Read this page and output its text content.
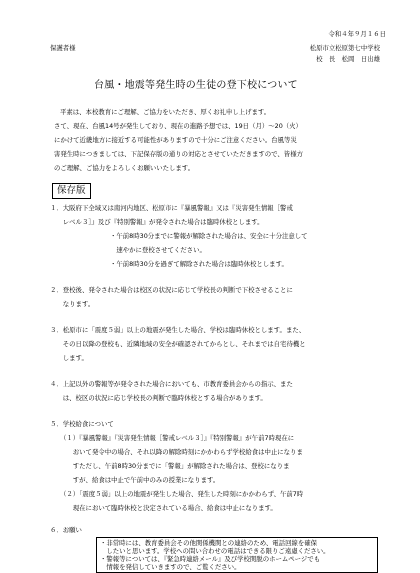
令和４年９月１６日
保護者様	松原市立松原第七中学校
校　長　松岡　日出雄
台風・地震等発生時の生徒の登下校について
平素は、本校教育にご理解、ご協力をいただき、厚くお礼申し上げます。
さて、現在、台風14号が発生しており、現在の進路予想では、19日（月）～20（火）
にかけて近畿地方に接近する可能性がありますので十分にご注意ください。台風等災
害発生時につきましては、下記保存版の通りの対応とさせていただきますので、皆様方
のご理解、ご協力をよろしくお願いいたします。
保存版
１．大阪府下全域又は南河内地区、松原市に『暴風警報』又は『災害発生情報［警戒
　　レベル３］』及び『特別警報』が発令された場合は臨時休校とします。
・午前8時30分までに警報が解除された場合は、安全に十分注意して
　速やかに登校させてください。
・午前8時30分を過ぎて解除された場合は臨時休校とします。
２．登校後、発令された場合は校区の状況に応じて学校長の判断で下校させることに
　　なります。
３．松原市に「震度５弱」以上の地震が発生した場合、学校は臨時休校とします。また、
　　その日以降の登校も、近隣地域の安全が確認されてからとし、それまでは自宅待機と
　　します。
４．上記以外の警報等が発令された場合においても、市教育委員会からの指示、また
　　は、校区の状況に応じ学校長の判断で臨時休校とする場合があります。
５．学校給食について
（１）『暴風警報』『災害発生情報［警戒レベル３］』『特別警報』が午前7時現在に
　　おいて発令中の場合、それ以降の解除時刻にかかわらず学校給食は中止になりま
　　すただし、午前8時30分までに「警報」が解除された場合は、登校になりま
　　すが、給食は中止で午前中のみの授業になります。
（２）「震度５弱」以上の地震が発生した場合、発生した時刻にかかわらず、午前7時
　　現在において臨時休校と決定されている場合、給食は中止になります。
６．お願い
・非常時には、教育委員会その他関係機関との連絡のため、電話回線を確保
　したいと思います。学校への問い合わせの電話はできる限りご遠慮ください。
・警報等については、『緊急時連絡メール』及び学校関脱のホームページでも
　情報を発信していきますので、ご覧ください。
